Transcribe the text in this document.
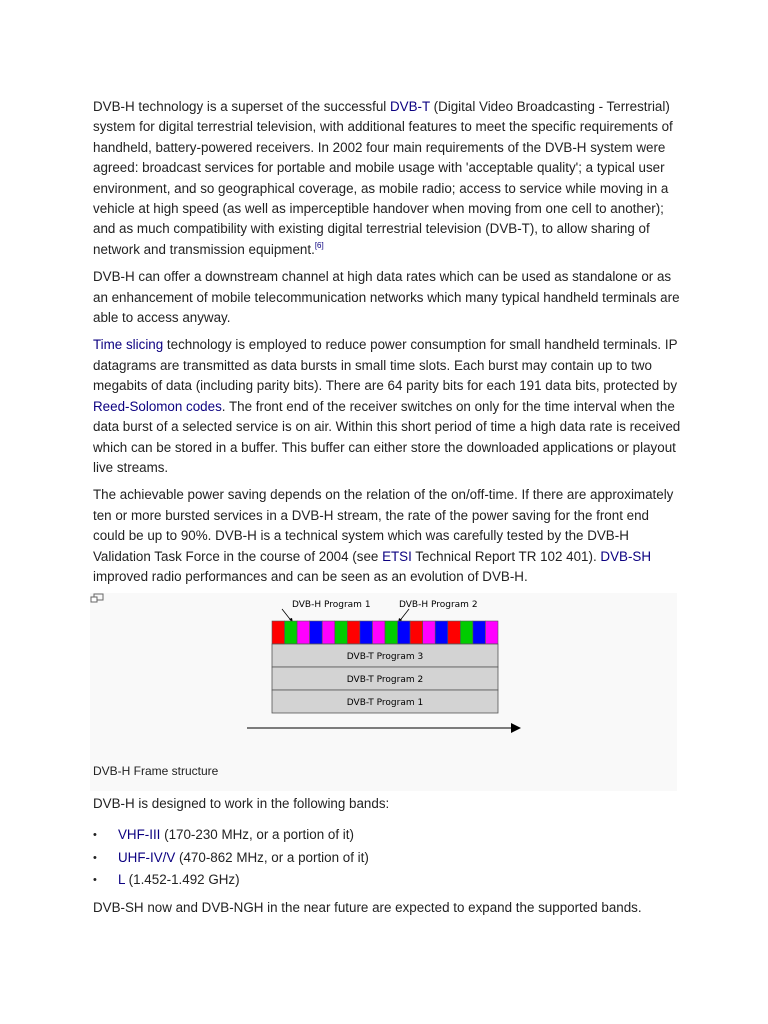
DVB-H technology is a superset of the successful DVB-T (Digital Video Broadcasting - Terrestrial) system for digital terrestrial television, with additional features to meet the specific requirements of handheld, battery-powered receivers. In 2002 four main requirements of the DVB-H system were agreed: broadcast services for portable and mobile usage with 'acceptable quality'; a typical user environment, and so geographical coverage, as mobile radio; access to service while moving in a vehicle at high speed (as well as imperceptible handover when moving from one cell to another); and as much compatibility with existing digital terrestrial television (DVB-T), to allow sharing of network and transmission equipment.[6]

DVB-H can offer a downstream channel at high data rates which can be used as standalone or as an enhancement of mobile telecommunication networks which many typical handheld terminals are able to access anyway.

Time slicing technology is employed to reduce power consumption for small handheld terminals. IP datagrams are transmitted as data bursts in small time slots. Each burst may contain up to two megabits of data (including parity bits). There are 64 parity bits for each 191 data bits, protected by Reed-Solomon codes. The front end of the receiver switches on only for the time interval when the data burst of a selected service is on air. Within this short period of time a high data rate is received which can be stored in a buffer. This buffer can either store the downloaded applications or playout live streams.

The achievable power saving depends on the relation of the on/off-time. If there are approximately ten or more bursted services in a DVB-H stream, the rate of the power saving for the front end could be up to 90%. DVB-H is a technical system which was carefully tested by the DVB-H Validation Task Force in the course of 2004 (see ETSI Technical Report TR 102 401). DVB-SH improved radio performances and can be seen as an evolution of DVB-H.

DVB-H Program 1	DVB-H Program 2
DVB-T Program 3
DVB-T Program 2
DVB-T Program 1
DVB-H Frame structure

DVB-H is designed to work in the following bands:

• VHF-III (170-230 MHz, or a portion of it)
• UHF-IV/V (470-862 MHz, or a portion of it)
• L (1.452-1.492 GHz)

DVB-SH now and DVB-NGH in the near future are expected to expand the supported bands.
